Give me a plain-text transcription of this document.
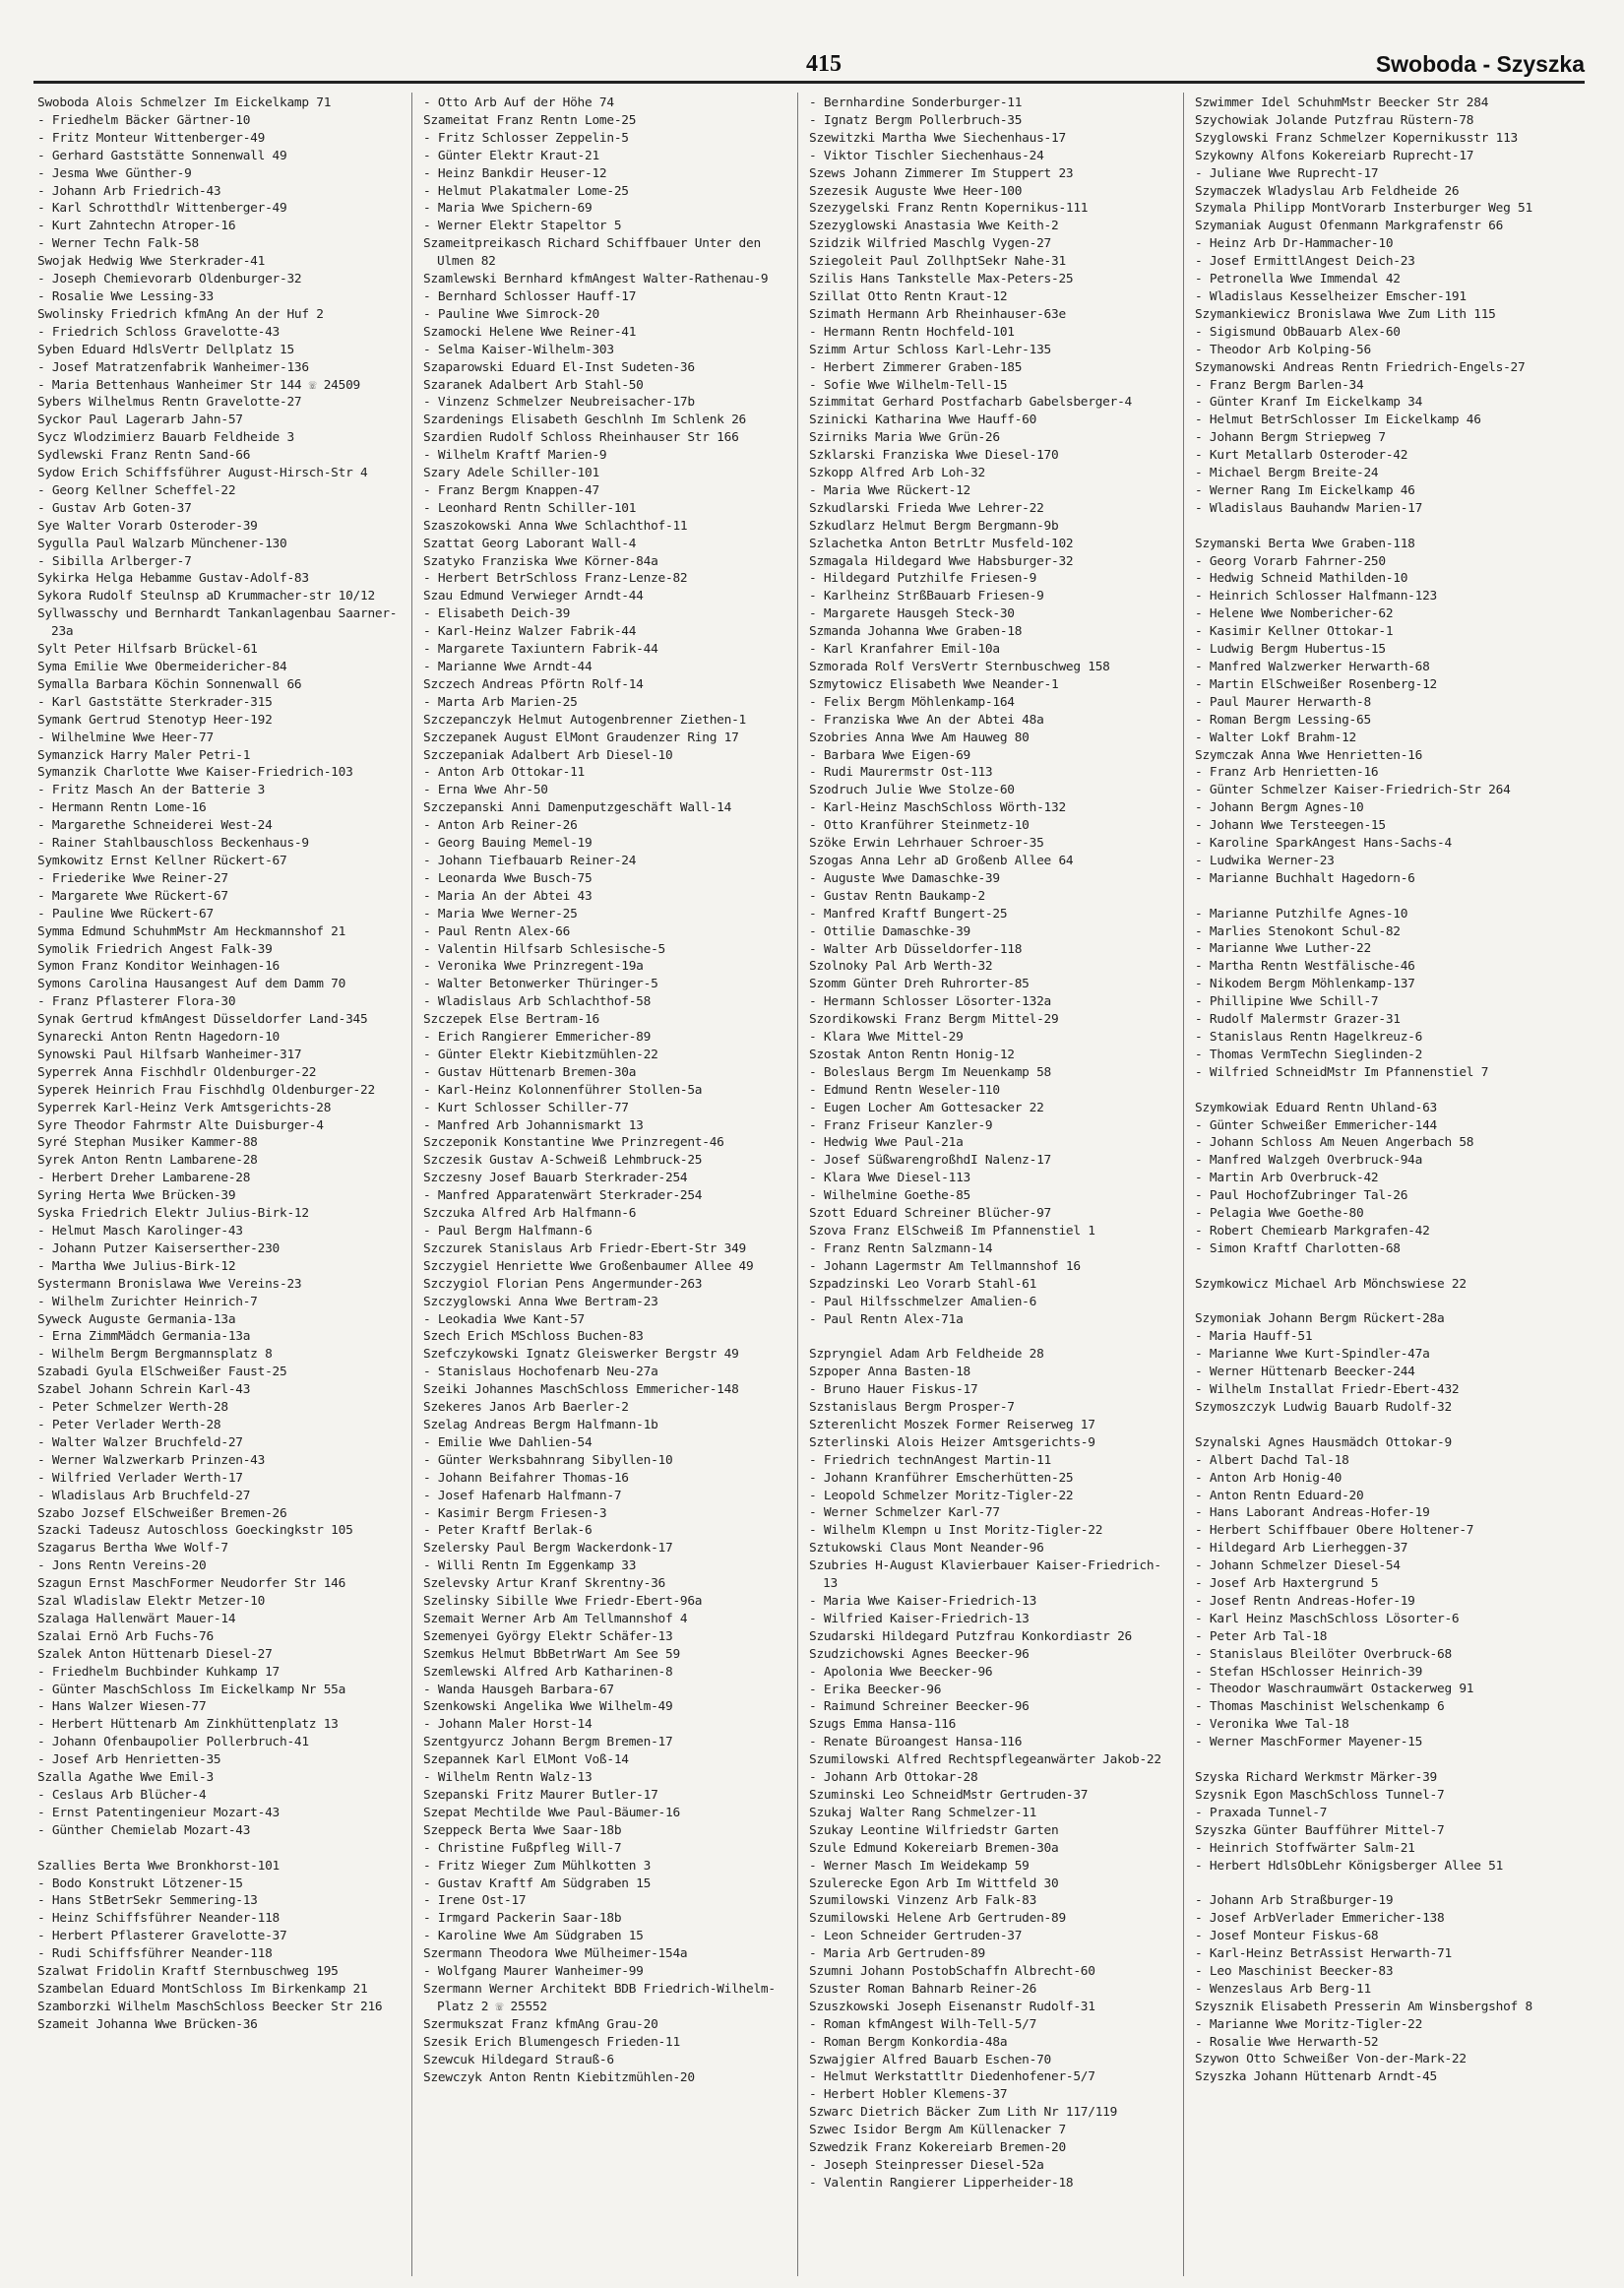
415	Swoboda - Szyszka
Swoboda Alois Schmelzer Im Eickelkamp 71
- Friedhelm Bäcker Gärtner-10
- Fritz Monteur Wittenberger-49
- Gerhard Gaststätte Sonnenwall 49
- Jesma Wwe Günther-9
- Johann Arb Friedrich-43
- Karl Schrotthdlr Wittenberger-49
- Kurt Zahntechn Atroper-16
- Werner Techn Falk-58
Swojak Hedwig Wwe Sterkrader-41
- Joseph Chemievorarb Oldenburger-32
- Rosalie Wwe Lessing-33
Swolinsky Friedrich kfmAng An der Huf 2
- Friedrich Schloss Gravelotte-43
Syben Eduard HdlsVertr Dellplatz 15
- Josef Matratzenfabrik Wanheimer-136
- Maria Bettenhaus Wanheimer Str 144 ☏ 24509
Sybers Wilhelmus Rentn Gravelotte-27
Syckor Paul Lagerarb Jahn-57
Sycz Wlodzimierz Bauarb Feldheide 3
Sydlewski Franz Rentn Sand-66
Sydow Erich Schiffsführer August-Hirsch-Str 4
- Georg Kellner Scheffel-22
- Gustav Arb Goten-37
Sye Walter Vorarb Osteroder-39
Sygulla Paul Walzarb Münchener-130
- Sibilla Arlberger-7
Sykirka Helga Hebamme Gustav-Adolf-83
Sykora Rudolf Steulnsp aD Krummacher-str 10/12
Syllwasschy und Bernhardt Tankanlagenbau Saarner-23a
Sylt Peter Hilfsarb Brückel-61
Syma Emilie Wwe Obermeidericher-84
Symalla Barbara Köchin Sonnenwall 66
- Karl Gaststätte Sterkrader-315
Symank Gertrud Stenotyp Heer-192
- Wilhelmine Wwe Heer-77
Symanzick Harry Maler Petri-1
Symanzik Charlotte Wwe Kaiser-Friedrich-103
- Fritz Masch An der Batterie 3
- Hermann Rentn Lome-16
- Margarethe Schneiderei West-24
- Rainer Stahlbauschloss Beckenhaus-9
Symkowitz Ernst Kellner Rückert-67
- Friederike Wwe Reiner-27
- Margarete Wwe Rückert-67
- Pauline Wwe Rückert-67
Symma Edmund SchuhmMstr Am Heckmannshof 21
Symolik Friedrich Angest Falk-39
Symon Franz Konditor Weinhagen-16
Symons Carolina Hausangest Auf dem Damm 70
- Franz Pflasterer Flora-30
Synak Gertrud kfmAngest Düsseldorfer Land-345
Synarecki Anton Rentn Hagedorn-10
Synowski Paul Hilfsarb Wanheimer-317
Syperrek Anna Fischhdlr Oldenburger-22
Syperek Heinrich Frau Fischhdlg Oldenburger-22
Syperrek Karl-Heinz Verk Amtsgerichts-28
Syre Theodor Fahrmstr Alte Duisburger-4
Syré Stephan Musiker Kammer-88
Syrek Anton Rentn Lambarene-28
- Herbert Dreher Lambarene-28
Syring Herta Wwe Brücken-39
Syska Friedrich Elektr Julius-Birk-12
- Helmut Masch Karolinger-43
- Johann Putzer Kaiserserther-230
- Martha Wwe Julius-Birk-12
Systermann Bronislawa Wwe Vereins-23
- Wilhelm Zurichter Heinrich-7
Syweck Auguste Germania-13a
- Erna ZimmMädch Germania-13a
- Wilhelm Bergm Bergmannsplatz 8
Szabadi Gyula ElSchweißer Faust-25
Szabel Johann Schrein Karl-43
- Peter Schmelzer Werth-28
- Peter Verlader Werth-28
- Walter Walzer Bruchfeld-27
- Werner Walzwerkarb Prinzen-43
- Wilfried Verlader Werth-17
- Wladislaus Arb Bruchfeld-27
Szabo Jozsef ElSchweißer Bremen-26
Szacki Tadeusz Autoschloss Goeckingkstr 105
Szagarus Bertha Wwe Wolf-7
- Jons Rentn Vereins-20
Szagun Ernst MaschFormer Neudorfer Str 146
Szal Wladislaw Elektr Metzer-10
Szalaga Hallenwärt Mauer-14
Szalai Ernö Arb Fuchs-76
Szalek Anton Hüttenarb Diesel-27
- Friedhelm Buchbinder Kuhkamp 17
- Günter MaschSchloss Im Eickelkamp Nr 55a
- Hans Walzer Wiesen-77
- Herbert Hüttenarb Am Zinkhüttenplatz 13
- Johann Ofenbaupolier Pollerbruch-41
- Josef Arb Henrietten-35
Szalla Agathe Wwe Emil-3
- Ceslaus Arb Blücher-4
- Ernst Patentingenieur Mozart-43
- Günther Chemielab Mozart-43
Szallies Berta Wwe Bronkhorst-101
- Bodo Konstrukt Lötzener-15
- Hans StBetrSekr Semmering-13
- Heinz Schiffsführer Neander-118
- Herbert Pflasterer Gravelotte-37
- Rudi Schiffsführer Neander-118
Szalwat Fridolin Kraftf Sternbuschweg 195
Szambelan Eduard MontSchloss Im Birkenkamp 21
Szamborzki Wilhelm MaschSchloss Beecker Str 216
Szameit Johanna Wwe Brücken-36
- Otto Arb Auf der Höhe 74
Szameitat Franz Rentn Lome-25
- Fritz Schlosser Zeppelin-5
- Günter Elektr Kraut-21
- Heinz Bankdir Heuser-12
- Helmut Plakatmaler Lome-25
- Maria Wwe Spichern-69
- Werner Elektr Stapeltor 5
Szameitpreikasch Richard Schiffbauer Unter den Ulmen 82
Szamlewski Bernhard kfmAngest Walter-Rathenau-9
- Bernhard Schlosser Hauff-17
- Pauline Wwe Simrock-20
Szamocki Helene Wwe Reiner-41
- Selma Kaiser-Wilhelm-303
Szaparowski Eduard El-Inst Sudeten-36
Szaranek Adalbert Arb Stahl-50
- Vinzenz Schmelzer Neubreisacher-17b
Szardenings Elisabeth Geschlnh Im Schlenk 26
Szardien Rudolf Schloss Rheinhauser Str 166
- Wilhelm Kraftf Marien-9
Szary Adele Schiller-101
- Franz Bergm Knappen-47
- Leonhard Rentn Schiller-101
Szaszokowski Anna Wwe Schlachthof-11
Szattat Georg Laborant Wall-4
Szatyko Franziska Wwe Körner-84a
- Herbert BetrSchloss Franz-Lenze-82
Szau Edmund Verwieger Arndt-44
- Elisabeth Deich-39
- Karl-Heinz Walzer Fabrik-44
- Margarete Taxiuntern Fabrik-44
- Marianne Wwe Arndt-44
Szczech Andreas Pförtn Rolf-14
- Marta Arb Marien-25
Szczepanczyk Helmut Autogenbrenner Ziethen-1
Szczepanek August ElMont Graudenzer Ring 17
Szczepaniak Adalbert Arb Diesel-10
- Anton Arb Ottokar-11
- Erna Wwe Ahr-50
Szczepanski Anni Damenputzgeschäft Wall-14
- Anton Arb Reiner-26
- Georg Bauing Memel-19
- Johann Tiefbauarb Reiner-24
- Leonarda Wwe Busch-75
- Maria An der Abtei 43
- Maria Wwe Werner-25
- Paul Rentn Alex-66
- Valentin Hilfsarb Schlesische-5
- Veronika Wwe Prinzregent-19a
- Walter Betonwerker Thüringer-5
- Wladislaus Arb Schlachthof-58
Szczepek Else Bertram-16
- Erich Rangierer Emmericher-89
- Günter Elektr Kiebitzmühlen-22
- Gustav Hüttenarb Bremen-30a
- Karl-Heinz Kolonnenführer Stollen-5a
- Kurt Schlosser Schiller-77
- Manfred Arb Johannismarkt 13
Szczeponik Konstantine Wwe Prinzregent-46
Szczesik Gustav A-Schweiß Lehmbruck-25
Szczesny Josef Bauarb Sterkrader-254
- Manfred Apparatenwärt Sterkrader-254
Szczuka Alfred Arb Halfmann-6
- Paul Bergm Halfmann-6
Szczurek Stanislaus Arb Friedr-Ebert-Str 349
Szczygiel Henriette Wwe Großenbaumer Allee 49
Szczygiol Florian Pens Angermunder-263
Szczyglowski Anna Wwe Bertram-23
- Leokadia Wwe Kant-57
Szech Erich MSchloss Buchen-83
Szefczykowski Ignatz Gleiswerker Bergstr 49
- Stanislaus Hochofenarb Neu-27a
Szeiki Johannes MaschSchloss Emmericher-148
Szekeres Janos Arb Baerler-2
Szelag Andreas Bergm Halfmann-1b
- Emilie Wwe Dahlien-54
- Günter Werksbahnrang Sibyllen-10
- Johann Beifahrer Thomas-16
- Josef Hafenarb Halfmann-7
- Kasimir Bergm Friesen-3
- Peter Kraftf Berlak-6
Szelersky Paul Bergm Wackerdonk-17
- Willi Rentn Im Eggenkamp 33
Szelevsky Artur Kranf Skrentny-36
Szelinsky Sibille Wwe Friedr-Ebert-96a
Szemait Werner Arb Am Tellmannshof 4
Szemenyei György Elektr Schäfer-13
Szemkus Helmut BbBetrWart Am See 59
Szemlewski Alfred Arb Katharinen-8
- Wanda Hausgeh Barbara-67
Szenkowski Angelika Wwe Wilhelm-49
- Johann Maler Horst-14
Szentgyurcz Johann Bergm Bremen-17
Szepannek Karl ElMont Voß-14
- Wilhelm Rentn Walz-13
Szepanski Fritz Maurer Butler-17
Szepat Mechtilde Wwe Paul-Bäumer-16
Szeppeck Berta Wwe Saar-18b
- Christine Fußpfleg Will-7
- Fritz Wieger Zum Mühlkotten 3
- Gustav Kraftf Am Südgraben 15
- Irene Ost-17
- Irmgard Packerin Saar-18b
- Karoline Wwe Am Südgraben 15
Szermann Theodora Wwe Mülheimer-154a
- Wolfgang Maurer Wanheimer-99
Szermann Werner Architekt BDB Friedrich-Wilhelm-Platz 2 ☏ 25552
Szermukszat Franz kfmAng Grau-20
Szesik Erich Blumengesch Frieden-11
Szewcuk Hildegard Strauß-6
Szewczyk Anton Rentn Kiebitzmühlen-20
- Bernhardine Sonderburger-11
- Ignatz Bergm Pollerbruch-35
Szewitzki Martha Wwe Siechenhaus-17
- Viktor Tischler Siechenhaus-24
Szews Johann Zimmerer Im Stuppert 23
Szezesik Auguste Wwe Heer-100
Szezygelski Franz Rentn Kopernikus-111
Szezyglowski Anastasia Wwe Keith-2
Szidzik Wilfried Maschlg Vygen-27
Sziegoleit Paul ZollhptSekr Nahe-31
Szilis Hans Tankstelle Max-Peters-25
Szillat Otto Rentn Kraut-12
Szimath Hermann Arb Rheinhauser-63e
- Hermann Rentn Hochfeld-101
Szimm Artur Schloss Karl-Lehr-135
- Herbert Zimmerer Graben-185
- Sofie Wwe Wilhelm-Tell-15
Szimmitat Gerhard Postfacharb Gabelsberger-4
Szinicki Katharina Wwe Hauff-60
Szirniks Maria Wwe Grün-26
Szklarski Franziska Wwe Diesel-170
Szkopp Alfred Arb Loh-32
- Maria Wwe Rückert-12
Szkudlarski Frieda Wwe Lehrer-22
Szkudlarz Helmut Bergm Bergmann-9b
Szlachetka Anton BetrLtr Musfeld-102
Szmagala Hildegard Wwe Habsburger-32
- Hildegard Putzhilfe Friesen-9
- Karlheinz StrßBauarb Friesen-9
- Margarete Hausgeh Steck-30
Szmanda Johanna Wwe Graben-18
- Karl Kranfahrer Emil-10a
Szmorada Rolf VersVertr Sternbuschweg 158
Szmytowicz Elisabeth Wwe Neander-1
- Felix Bergm Möhlenkamp-164
- Franziska Wwe An der Abtei 48a
Szobries Anna Wwe Am Hauweg 80
- Barbara Wwe Eigen-69
- Rudi Maurermstr Ost-113
Szodruch Julie Wwe Stolze-60
- Karl-Heinz MaschSchloss Wörth-132
- Otto Kranführer Steinmetz-10
Szöke Erwin Lehrhauer Schroer-35
Szogas Anna Lehr aD Großenb Allee 64
- Auguste Wwe Damaschke-39
- Gustav Rentn Baukamp-2
- Manfred Kraftf Bungert-25
- Ottilie Damaschke-39
- Walter Arb Düsseldorfer-118
Szolnoky Pal Arb Werth-32
Szomm Günter Dreh Ruhrorter-85
- Hermann Schlosser Lösorter-132a
Szordikowski Franz Bergm Mittel-29
- Klara Wwe Mittel-29
Szostak Anton Rentn Honig-12
- Boleslaus Bergm Im Neuenkamp 58
- Edmund Rentn Weseler-110
- Eugen Locher Am Gottesacker 22
- Franz Friseur Kanzler-9
- Hedwig Wwe Paul-21a
- Josef SüßwarengroßhdI Nalenz-17
- Klara Wwe Diesel-113
- Wilhelmine Goethe-85
Szott Eduard Schreiner Blücher-97
Szova Franz ElSchweiß Im Pfannenstiel 1
- Franz Rentn Salzmann-14
- Johann Lagermstr Am Tellmannshof 16
Szpadzinski Leo Vorarb Stahl-61
- Paul Hilfsschmelzer Amalien-6
- Paul Rentn Alex-71a
Szpryngiel Adam Arb Feldheide 28
Szpoper Anna Basten-18
- Bruno Hauer Fiskus-17
Szstanislaus Bergm Prosper-7
Szterenlicht Moszek Former Reiserweg 17
Szterlinski Alois Heizer Amtsgerichts-9
- Friedrich technAngest Martin-11
- Johann Kranführer Emscherhütten-25
- Leopold Schmelzer Moritz-Tigler-22
- Werner Schmelzer Karl-77
- Wilhelm Klempn u Inst Moritz-Tigler-22
Sztukowski Claus Mont Neander-96
Szubries H-August Klavierbauer Kaiser-Friedrich-13
- Maria Wwe Kaiser-Friedrich-13
- Wilfried Kaiser-Friedrich-13
Szudarski Hildegard Putzfrau Konkordiastr 26
Szudzichowski Agnes Beecker-96
- Apolonia Wwe Beecker-96
- Erika Beecker-96
- Raimund Schreiner Beecker-96
Szugs Emma Hansa-116
- Renate Büroangest Hansa-116
Szumilowski Alfred Rechtspflegeanwärter Jakob-22
- Johann Arb Ottokar-28
Szuminski Leo SchneidMstr Gertruden-37
Szukaj Walter Rang Schmelzer-11
Szukay Leontine Wilfriedstr Garten
Szule Edmund Kokereiarb Bremen-30a
- Werner Masch Im Weidekamp 59
Szulerecke Egon Arb Im Wittfeld 30
Szumilowski Vinzenz Arb Falk-83
Szumilowski Helene Arb Gertruden-89
- Leon Schneider Gertruden-37
- Maria Arb Gertruden-89
Szumni Johann PostobSchaffn Albrecht-60
Szuster Roman Bahnarb Reiner-26
Szuszkowski Joseph Eisenanstr Rudolf-31
- Roman kfmAngest Wilh-Tell-5/7
- Roman Bergm Konkordia-48a
Szwajgier Alfred Bauarb Eschen-70
- Helmut Werkstattltr Diedenhofener-5/7
- Herbert Hobler Klemens-37
Szwarc Dietrich Bäcker Zum Lith Nr 117/119
Szwec Isidor Bergm Am Küllenacker 7
Szwedzik Franz Kokereiarb Bremen-20
- Joseph Steinpresser Diesel-52a
- Valentin Rangierer Lipperheider-18
Szwimmer Idel SchuhmMstr Beecker Str 284
Szychowiak Jolande Putzfrau Rüstern-78
Szyglowski Franz Schmelzer Kopernikusstr 113
Szykowny Alfons Kokereiarb Ruprecht-17
- Juliane Wwe Ruprecht-17
Szymaczek Wladyslau Arb Feldheide 26
Szymala Philipp MontVorarb Insterburger Weg 51
Szymaniak August Ofenmann Markgrafenstr 66
- Heinz Arb Dr-Hammacher-10
- Josef ErmittlAngest Deich-23
- Petronella Wwe Immendal 42
- Wladislaus Kesselheizer Emscher-191
Szymankiewicz Bronislawa Wwe Zum Lith 115
- Sigismund ObBauarb Alex-60
- Theodor Arb Kolping-56
Szymanowski Andreas Rentn Friedrich-Engels-27
- Franz Bergm Barlen-34
- Günter Kranf Im Eickelkamp 34
- Helmut BetrSchlosser Im Eickelkamp 46
- Johann Bergm Striepweg 7
- Kurt Metallarb Osteroder-42
- Michael Bergm Breite-24
- Werner Rang Im Eickelkamp 46
- Wladislaus Bauhandw Marien-17
Szymanski Berta Wwe Graben-118
- Georg Vorarb Fahrner-250
- Hedwig Schneid Mathilden-10
- Heinrich Schlosser Halfmann-123
- Helene Wwe Nombericher-62
- Kasimir Kellner Ottokar-1
- Ludwig Bergm Hubertus-15
- Manfred Walzwerker Herwarth-68
- Martin ElSchweißer Rosenberg-12
- Paul Maurer Herwarth-8
- Roman Bergm Lessing-65
- Walter Lokf Brahm-12
Szymczak Anna Wwe Henrietten-16
- Franz Arb Henrietten-16
- Günter Schmelzer Kaiser-Friedrich-Str 264
- Johann Bergm Agnes-10
- Johann Wwe Tersteegen-15
- Karoline SparkAngest Hans-Sachs-4
- Ludwika Werner-23
- Marianne Buchhalt Hagedorn-6
- Marianne Putzhilfe Agnes-10
- Marlies Stenokont Schul-82
- Marianne Wwe Luther-22
- Martha Rentn Westfälische-46
- Nikodem Bergm Möhlenkamp-137
- Phillipine Wwe Schill-7
- Rudolf Malermstr Grazer-31
- Stanislaus Rentn Hagelkreuz-6
- Thomas VermTechn Sieglinden-2
- Wilfried SchneidMstr Im Pfannenstiel 7
Szymkowiak Eduard Rentn Uhland-63
- Günter Schweißer Emmericher-144
- Johann Schloss Am Neuen Angerbach 58
- Manfred Walzgeh Overbruck-94a
- Martin Arb Overbruck-42
- Paul HochofZubringer Tal-26
- Pelagia Wwe Goethe-80
- Robert Chemiearb Markgrafen-42
- Simon Kraftf Charlotten-68
Szymkowicz Michael Arb Mönchswiese 22
Szymoniak Johann Bergm Rückert-28a
- Maria Hauff-51
- Marianne Wwe Kurt-Spindler-47a
- Werner Hüttenarb Beecker-244
- Wilhelm Installat Friedr-Ebert-432
Szymoszczyk Ludwig Bauarb Rudolf-32
Szynalski Agnes Hausmädch Ottokar-9
- Albert Dachd Tal-18
- Anton Arb Honig-40
- Anton Rentn Eduard-20
- Hans Laborant Andreas-Hofer-19
- Herbert Schiffbauer Obere Holtener-7
- Hildegard Arb Lierheggen-37
- Johann Schmelzer Diesel-54
- Josef Arb Haxtergrund 5
- Josef Rentn Andreas-Hofer-19
- Karl Heinz MaschSchloss Lösorter-6
- Peter Arb Tal-18
- Stanislaus Bleilöter Overbruck-68
- Stefan HSchlosser Heinrich-39
- Theodor Waschraumwärt Ostackerweg 91
- Thomas Maschinist Welschenkamp 6
- Veronika Wwe Tal-18
- Werner MaschFormer Mayener-15
Szyska Richard Werkmstr Märker-39
Szysnik Egon MaschSchloss Tunnel-7
- Praxada Tunnel-7
Szyszka Günter Baufführer Mittel-7
- Heinrich Stoffwärter Salm-21
- Herbert HdlsObLehr Königsberger Allee 51
- Johann Arb Straßburger-19
- Josef ArbVerlader Emmericher-138
- Josef Monteur Fiskus-68
- Karl-Heinz BetrAssist Herwarth-71
- Leo Maschinist Beecker-83
- Wenzeslaus Arb Berg-11
Szysznik Elisabeth Presserin Am Winsbergshof 8
- Marianne Wwe Moritz-Tigler-22
- Rosalie Wwe Herwarth-52
Szywon Otto Schweißer Von-der-Mark-22
Szyszka Johann Hüttenarb Arndt-45
